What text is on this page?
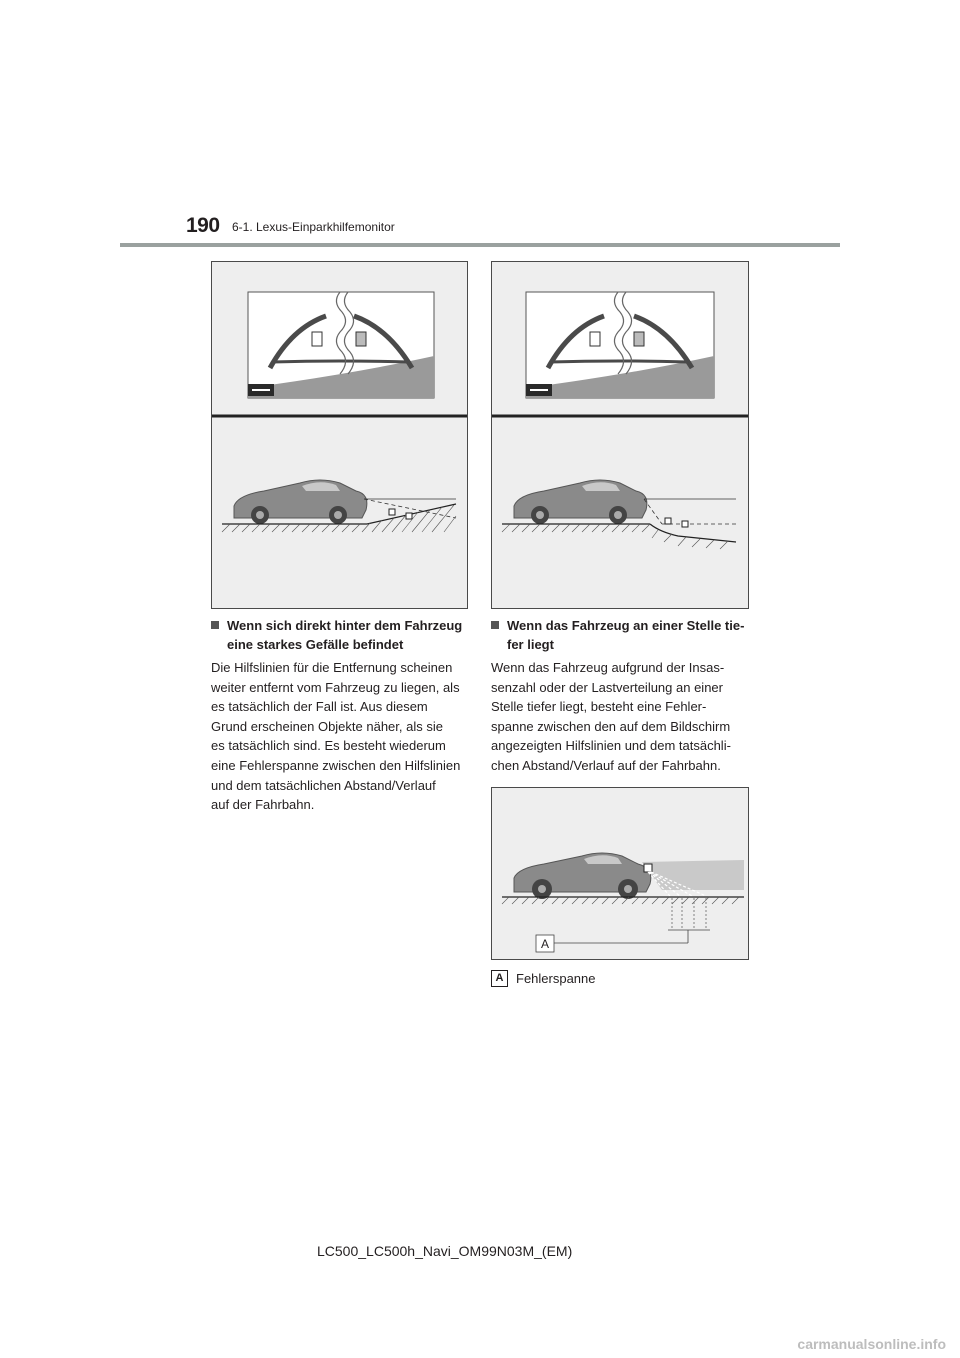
190 6-1. Lexus-Einparkhilfemonitor
Wenn sich direkt hinter dem Fahrzeug
eine starkes Gefälle befindet
Wenn das Fahrzeug an einer Stelle tie-
fer liegt
Die Hilfslinien für die Entfernung scheinen
weiter entfernt vom Fahrzeug zu liegen, als
es tatsächlich der Fall ist. Aus diesem
Grund erscheinen Objekte näher, als sie
es tatsächlich sind. Es besteht wiederum
eine Fehlerspanne zwischen den Hilfslinien
und dem tatsächlichen Abstand/Verlauf
auf der Fahrbahn.
Wenn das Fahrzeug aufgrund der Insas-
senzahl oder der Lastverteilung an einer
Stelle tiefer liegt, besteht eine Fehler-
spanne zwischen den auf dem Bildschirm
angezeigten Hilfslinien und dem tatsächli-
chen Abstand/Verlauf auf der Fahrbahn.
A
A Fehlerspanne
LC500_LC500h_Navi_OM99N03M_(EM)
carmanualsonline.info
